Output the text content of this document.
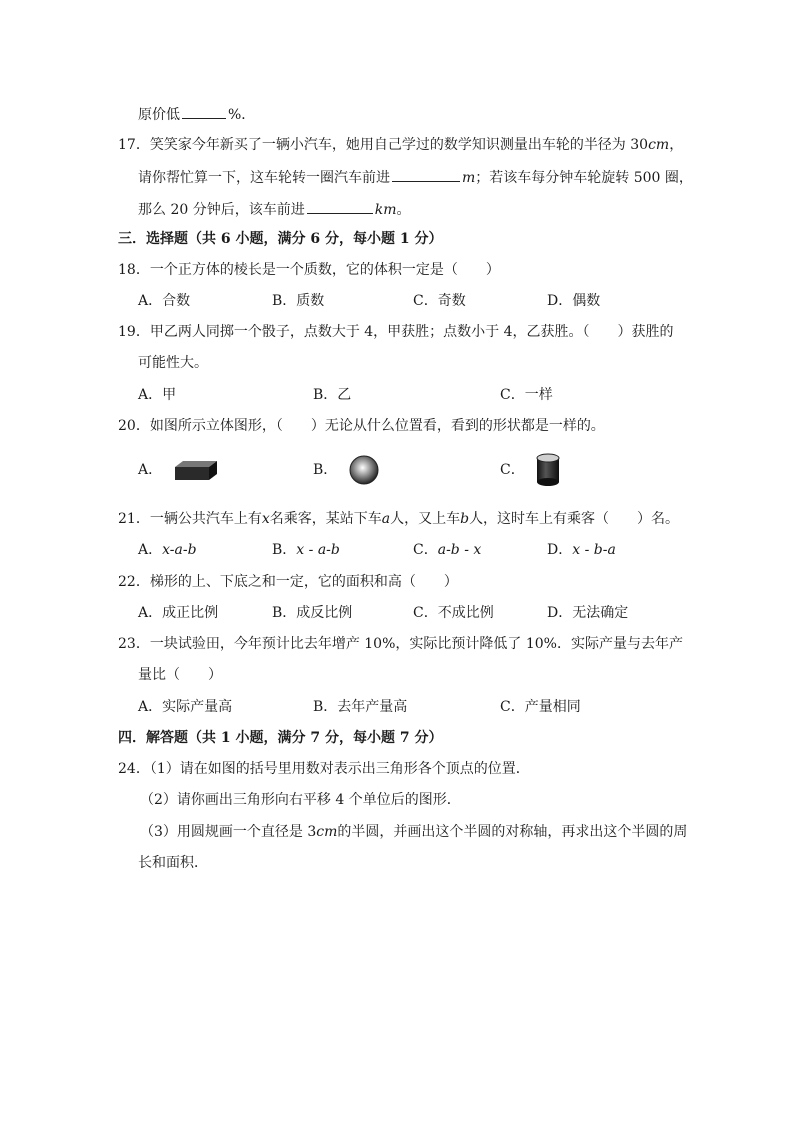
原价低	%．
17．笑笑家今年新买了一辆小汽车，她用自己学过的数学知识测量出车轮的半径为 30cm，
请你帮忙算一下，这车轮转一圈汽车前进	m；若该车每分钟车轮旋转 500 圈，
那么 20 分钟后，该车前进	km。
三．选择题（共 6 小题，满分 6 分，每小题 1 分）
18．一个正方体的棱长是一个质数，它的体积一定是（　　）
A．合数	B．质数	C．奇数	D．偶数
19．甲乙两人同掷一个骰子，点数大于 4，甲获胜；点数小于 4，乙获胜。（　　）获胜的
可能性大。
A．甲	B．乙	C．一样
20．如图所示立体图形，（　　）无论从什么位置看，看到的形状都是一样的。
A．	B．	C．
21．一辆公共汽车上有x名乘客，某站下车a人，又上车b人，这时车上有乘客（　　）名。
A．x-a-b	B．x - a-b	C．a-b - x	D．x - b-a
22．梯形的上、下底之和一定，它的面积和高（　　）
A．成正比例	B．成反比例	C．不成比例	D．无法确定
23．一块试验田，今年预计比去年增产 10%，实际比预计降低了 10%．实际产量与去年产
量比（　　）
A．实际产量高	B．去年产量高	C．产量相同
四．解答题（共 1 小题，满分 7 分，每小题 7 分）
24．（1）请在如图的括号里用数对表示出三角形各个顶点的位置．
（2）请你画出三角形向右平移 4 个单位后的图形．
（3）用圆规画一个直径是 3cm的半圆，并画出这个半圆的对称轴，再求出这个半圆的周
长和面积．
